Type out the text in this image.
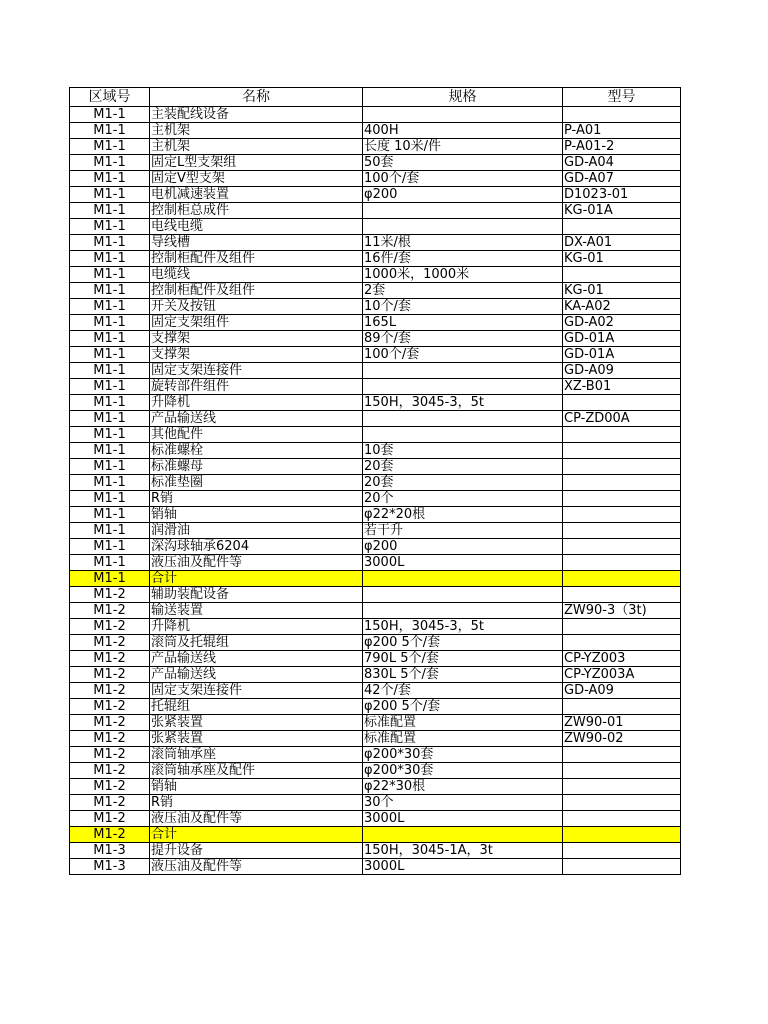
区域号	名称	规格	型号
M1-1	主装配线设备		
M1-1	主机架	400H	P-A01
M1-1	主机架	长度 10米/件	P-A01-2
M1-1	固定L型支架组	50套	GD-A04
M1-1	固定V型支架	100个/套	GD-A07
M1-1	电机减速装置	φ200	D1023-01
M1-1	控制柜总成件		KG-01A
M1-1	电线电缆		
M1-1	导线槽	11米/根	DX-A01
M1-1	控制柜配件及组件	16件/套	KG-01
M1-1	电缆线	1000米，1000米	
M1-1	控制柜配件及组件	2套	KG-01
M1-1	开关及按钮	10个/套	KA-A02
M1-1	固定支架组件	165L	GD-A02
M1-1	支撑架	89个/套	GD-01A
M1-1	支撑架	100个/套	GD-01A
M1-1	固定支架连接件		GD-A09
M1-1	旋转部件组件		XZ-B01
M1-1	升降机	150H，3045-3，5t	
M1-1	产品输送线		CP-ZD00A
M1-1	其他配件		
M1-1	标准螺栓	10套	
M1-1	标准螺母	20套	
M1-1	标准垫圈	20套	
M1-1	R销	20个	
M1-1	销轴	φ22*20根	
M1-1	润滑油	若干升	
M1-1	深沟球轴承6204	φ200	
M1-1	液压油及配件等	3000L	
M1-1	合计		
M1-2	辅助装配设备		
M1-2	输送装置		ZW90-3（3t)
M1-2	升降机	150H，3045-3，5t	
M1-2	滚筒及托辊组	φ200 5个/套	
M1-2	产品输送线	790L 5个/套	CP-YZ003
M1-2	产品输送线	830L 5个/套	CP-YZ003A
M1-2	固定支架连接件	42个/套	GD-A09
M1-2	托辊组	φ200 5个/套	
M1-2	张紧装置	标准配置	ZW90-01
M1-2	张紧装置	标准配置	ZW90-02
M1-2	滚筒轴承座	φ200*30套	
M1-2	滚筒轴承座及配件	φ200*30套	
M1-2	销轴	φ22*30根	
M1-2	R销	30个	
M1-2	液压油及配件等	3000L	
M1-2	合计		
M1-3	提升设备	150H，3045-1A，3t	
M1-3	液压油及配件等	3000L	
